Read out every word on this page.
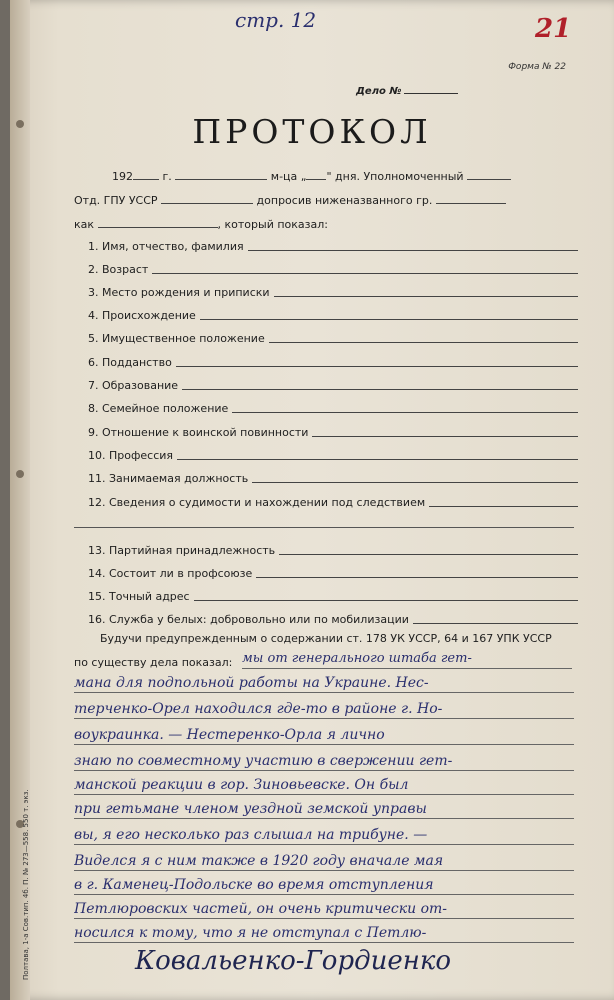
стр. 12	21
Форма № 22
Дело №
ПРОТОКОЛ
192	г.	м-ца „ " дня. Уполномоченный
Отд. ГПУ УССР	допросив ниженазванного гр.
как	, который показал:
1. Имя, отчество, фамилия
2. Возраст
3. Место рождения и приписки
4. Происхождение
5. Имущественное положение
6. Подданство
7. Образование
8. Семейное положение
9. Отношение к воинской повинности
10. Профессия
11. Занимаемая должность
12. Сведения о судимости и нахождении под следствием
13. Партийная принадлежность
14. Состоит ли в профсоюзе
15. Точный адрес
16. Служба у белых: добровольно или по мобилизации
Будучи предупрежденным о содержании ст. 178 УК УССР, 64 и 167 УПК УССР
по существу дела показал: мы от генерального штаба гет-
мана для подпольной работы на Украине. Нес-
терченко-Орел находился где-то в районе г. Но-
воукраинка. — Нестеренко-Орла я лично
знаю по совместному участию в свержении гет-
манской реакции в гор. Зиновьевске. Он был
при гетьмане членом уездной земской управы
вы, я его несколько раз слышал на трибуне. —
Виделся я с ним также в 1920 году вначале мая
в г. Каменец-Подольске во время отступления
Петлюровских частей, он очень критически от-
носился к тому, что я не отступал с Петлю-
Ковальенко-Гордиенко
Полтава, 1-а Сов.тип. 4б. П. № 273—558. 550 т. экз.
